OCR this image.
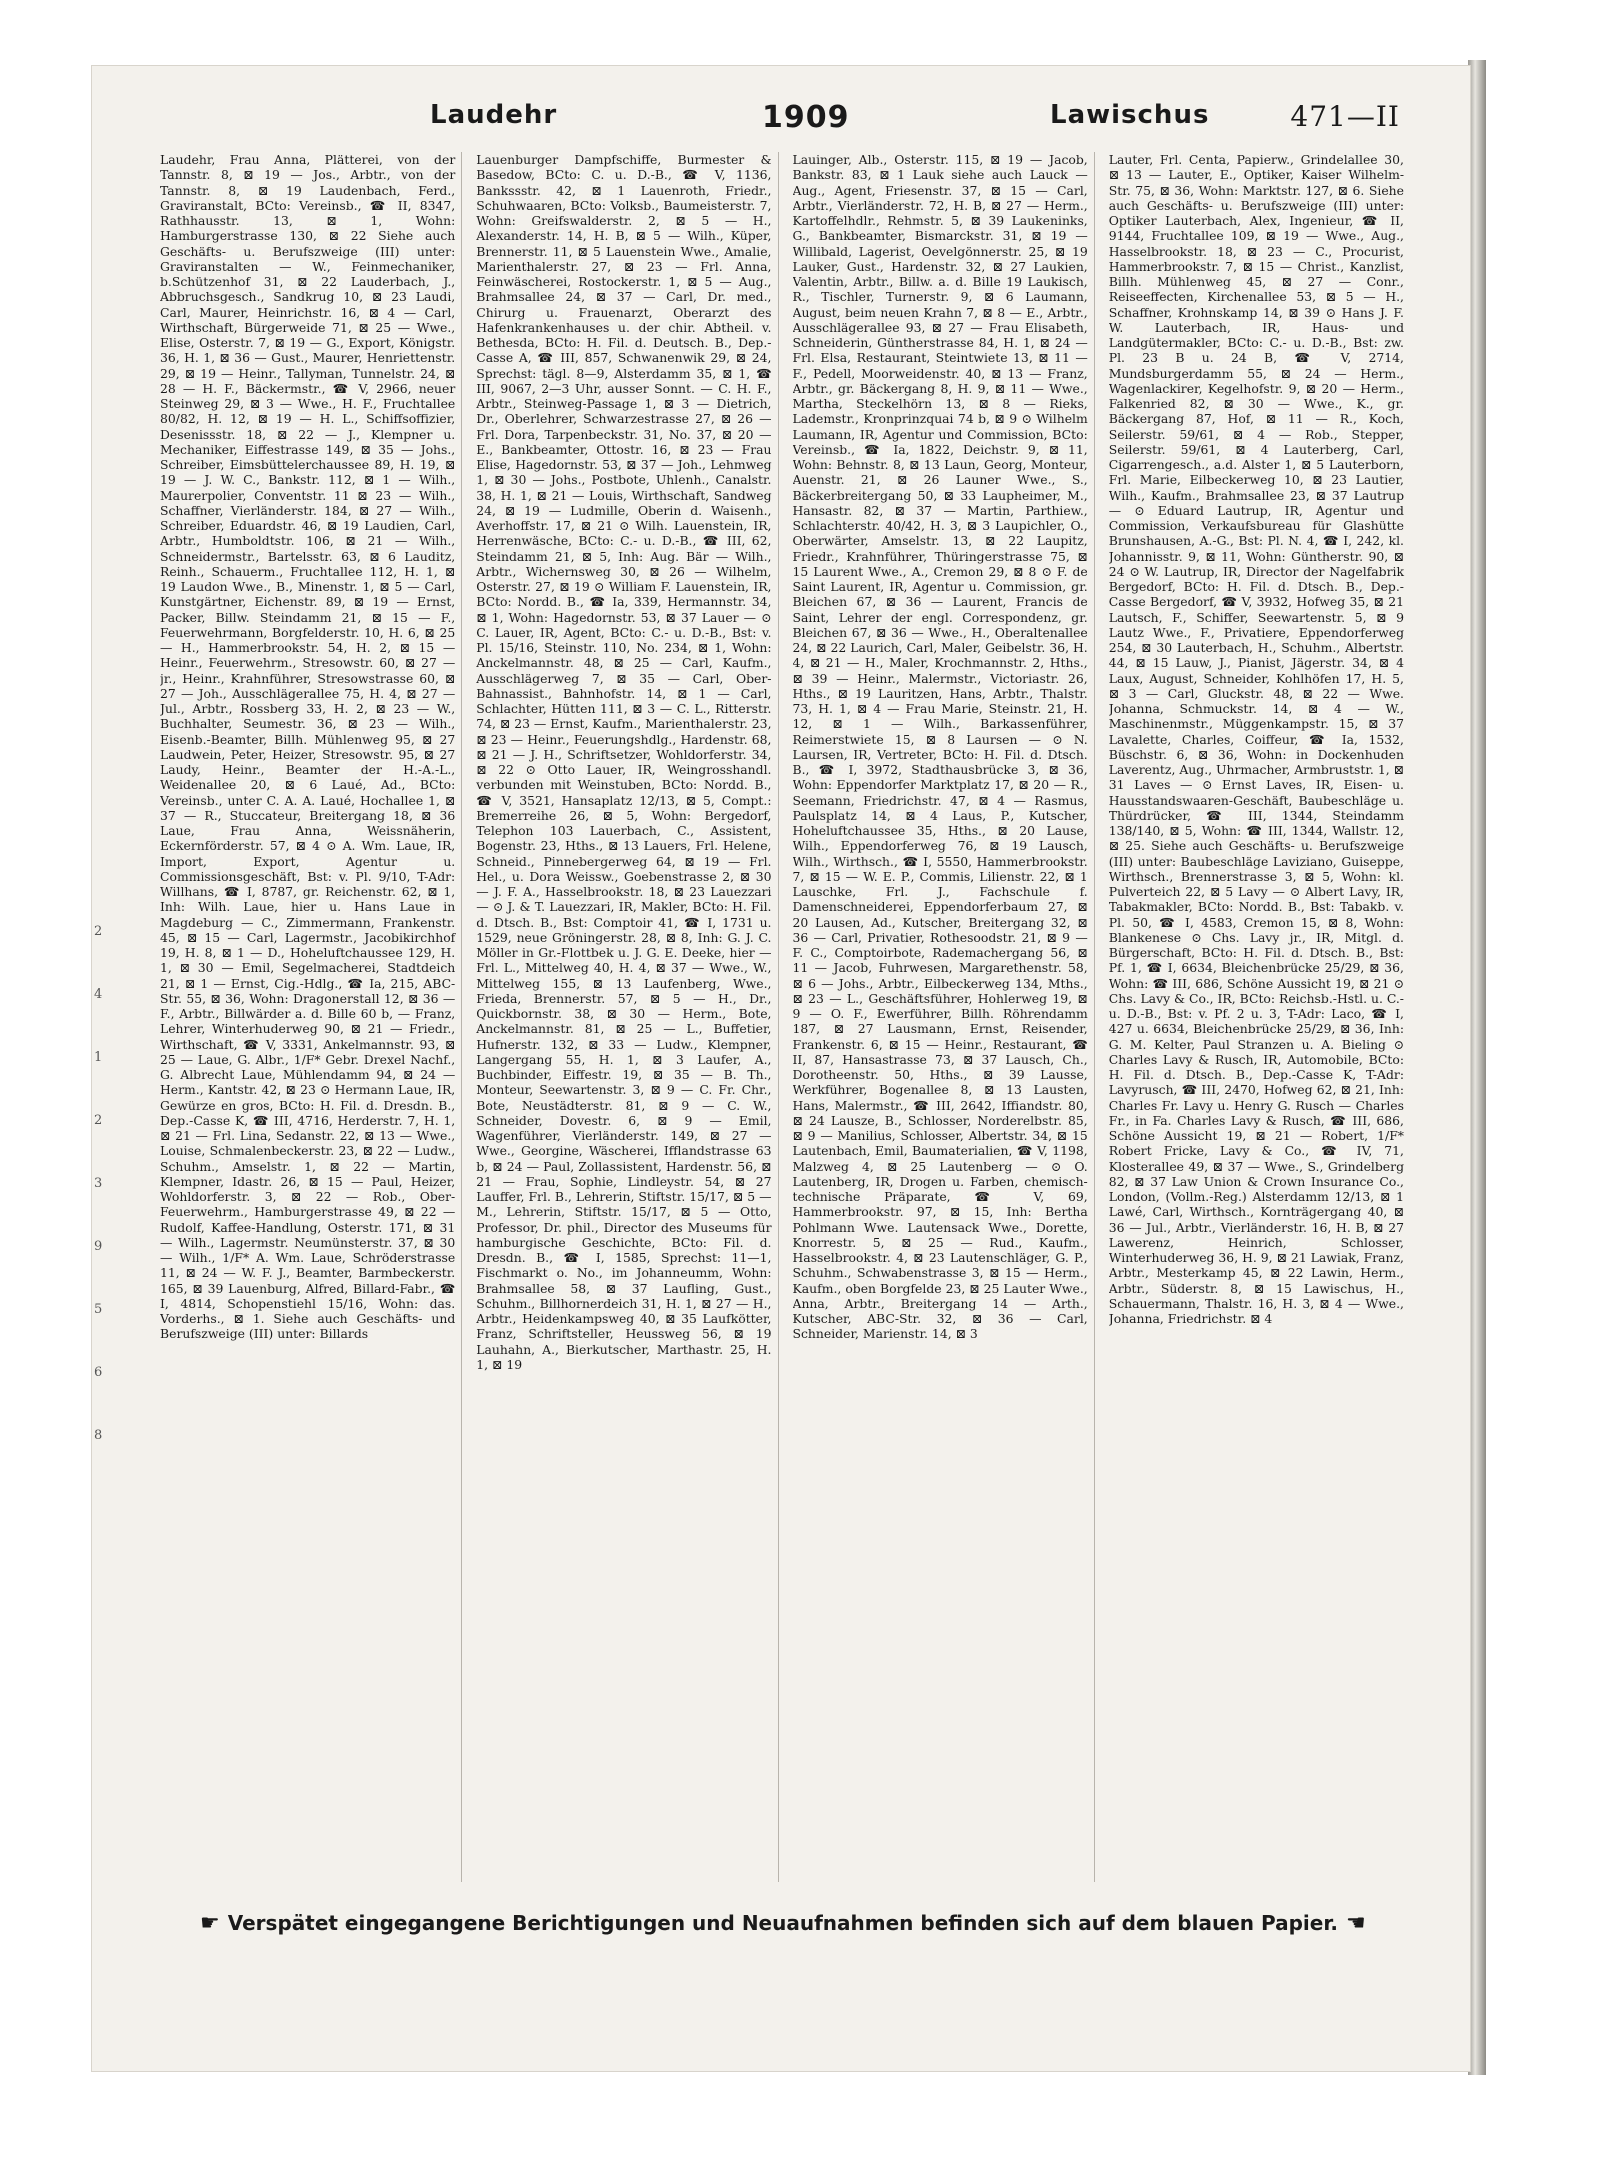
Laudehr	1909	Lawischus	471—II

Laudehr, Frau Anna, Plätterei, von der Tannstr. 8, ⊠ 19 — Jos., Arbtr., von der Tannstr. 8, ⊠ 19 Laudenbach, Ferd., Graviranstalt, BCto: Vereinsb., ☎ II, 8347, Rathhausstr. 13, ⊠ 1, Wohn: Hamburgerstrasse 130, ⊠ 22 Siehe auch Geschäfts- u. Berufszweige (III) unter: Graviranstalten — W., Feinmechaniker, b.Schützenhof 31, ⊠ 22 Lauderbach, J., Abbruchsgesch., Sandkrug 10, ⊠ 23 Laudi, Carl, Maurer, Heinrichstr. 16, ⊠ 4 — Carl, Wirthschaft, Bürgerweide 71, ⊠ 25 — Wwe., Elise, Osterstr. 7, ⊠ 19 — G., Export, Königstr. 36, H. 1, ⊠ 36 — Gust., Maurer, Henriettenstr. 29, ⊠ 19 — Heinr., Tallyman, Tunnelstr. 24, ⊠ 28 — H. F., Bäckermstr., ☎ V, 2966, neuer Steinweg 29, ⊠ 3 — Wwe., H. F., Fruchtallee 80/82, H. 12, ⊠ 19 — H. L., Schiffsoffizier, Desenissstr. 18, ⊠ 22 — J., Klempner u. Mechaniker, Eiffestrasse 149, ⊠ 35 — Johs., Schreiber, Eimsbüttelerchaussee 89, H. 19, ⊠ 19 — J. W. C., Bankstr. 112, ⊠ 1 — Wilh., Maurerpolier, Conventstr. 11 ⊠ 23 — Wilh., Schaffner, Vierländerstr. 184, ⊠ 27 — Wilh., Schreiber, Eduardstr. 46, ⊠ 19 Laudien, Carl, Arbtr., Humboldtstr. 106, ⊠ 21 — Wilh., Schneidermstr., Bartelsstr. 63, ⊠ 6 Lauditz, Reinh., Schauerm., Fruchtallee 112, H. 1, ⊠ 19 Laudon Wwe., B., Minenstr. 1, ⊠ 5 — Carl, Kunstgärtner, Eichenstr. 89, ⊠ 19 — Ernst, Packer, Billw. Steindamm 21, ⊠ 15 — F., Feuerwehrmann, Borgfelderstr. 10, H. 6, ⊠ 25 — H., Hammerbrookstr. 54, H. 2, ⊠ 15 — Heinr., Feuerwehrm., Stresowstr. 60, ⊠ 27 — jr., Heinr., Krahnführer, Stresowstrasse 60, ⊠ 27 — Joh., Ausschlägerallee 75, H. 4, ⊠ 27 — Jul., Arbtr., Rossberg 33, H. 2, ⊠ 23 — W., Buchhalter, Seumestr. 36, ⊠ 23 — Wilh., Eisenb.-Beamter, Billh. Mühlenweg 95, ⊠ 27 Laudwein, Peter, Heizer, Stresowstr. 95, ⊠ 27 Laudy, Heinr., Beamter der H.-A.-L., Weidenallee 20, ⊠ 6 Laué, Ad., BCto: Vereinsb., unter C. A. A. Laué, Hochallee 1, ⊠ 37 — R., Stuccateur, Breitergang 18, ⊠ 36 Laue, Frau Anna, Weissnäherin, Eckernförderstr. 57, ⊠ 4 ⊙ A. Wm. Laue, IR, Import, Export, Agentur u. Commissionsgeschäft, Bst: v. Pl. 9/10, T-Adr: Willhans, ☎ I, 8787, gr. Reichenstr. 62, ⊠ 1, Inh: Wilh. Laue, hier u. Hans Laue in Magdeburg — C., Zimmermann, Frankenstr. 45, ⊠ 15 — Carl, Lagermstr., Jacobikirchhof 19, H. 8, ⊠ 1 — D., Hoheluftchaussee 129, H. 1, ⊠ 30 — Emil, Segelmacherei, Stadtdeich 21, ⊠ 1 — Ernst, Cig.-Hdlg., ☎ Ia, 215, ABC-Str. 55, ⊠ 36, Wohn: Dragonerstall 12, ⊠ 36 — F., Arbtr., Billwärder a. d. Bille 60 b, — Franz, Lehrer, Winterhuderweg 90, ⊠ 21 — Friedr., Wirthschaft, ☎ V, 3331, Ankelmannstr. 93, ⊠ 25 — Laue, G. Albr., 1/F* Gebr. Drexel Nachf., G. Albrecht Laue, Mühlendamm 94, ⊠ 24 — Herm., Kantstr. 42, ⊠ 23 ⊙ Hermann Laue, IR, Gewürze en gros, BCto: H. Fil. d. Dresdn. B., Dep.-Casse K, ☎ III, 4716, Herderstr. 7, H. 1, ⊠ 21 — Frl. Lina, Sedanstr. 22, ⊠ 13 — Wwe., Louise, Schmalenbeckerstr. 23, ⊠ 22 — Ludw., Schuhm., Amselstr. 1, ⊠ 22 — Martin, Klempner, Idastr. 26, ⊠ 15 — Paul, Heizer, Wohldorferstr. 3, ⊠ 22 — Rob., Ober-Feuerwehrm., Hamburgerstrasse 49, ⊠ 22 — Rudolf, Kaffee-Handlung, Osterstr. 171, ⊠ 31 — Wilh., Lagermstr. Neumünsterstr. 37, ⊠ 30 — Wilh., 1/F* A. Wm. Laue, Schröderstrasse 11, ⊠ 24 — W. F. J., Beamter, Barmbeckerstr. 165, ⊠ 39 Lauenburg, Alfred, Billard-Fabr., ☎ I, 4814, Schopenstiehl 15/16, Wohn: das. Vorderhs., ⊠ 1. Siehe auch Geschäfts- und Berufszweige (III) unter: Billards

Lauenburger Dampfschiffe, Burmester & Basedow, BCto: C. u. D.-B., ☎ V, 1136, Bankssstr. 42, ⊠ 1 Lauenroth, Friedr., Schuhwaaren, BCto: Volksb., Baumeisterstr. 7, Wohn: Greifswalderstr. 2, ⊠ 5 — H., Alexanderstr. 14, H. B, ⊠ 5 — Wilh., Küper, Brennerstr. 11, ⊠ 5 Lauenstein Wwe., Amalie, Marienthalerstr. 27, ⊠ 23 — Frl. Anna, Feinwäscherei, Rostockerstr. 1, ⊠ 5 — Aug., Brahmsallee 24, ⊠ 37 — Carl, Dr. med., Chirurg u. Frauenarzt, Oberarzt des Hafenkrankenhauses u. der chir. Abtheil. v. Bethesda, BCto: H. Fil. d. Deutsch. B., Dep.-Casse A, ☎ III, 857, Schwanenwik 29, ⊠ 24, Sprechst: tägl. 8—9, Alsterdamm 35, ⊠ 1, ☎ III, 9067, 2—3 Uhr, ausser Sonnt. — C. H. F., Arbtr., Steinweg-Passage 1, ⊠ 3 — Dietrich, Dr., Oberlehrer, Schwarzestrasse 27, ⊠ 26 — Frl. Dora, Tarpenbeckstr. 31, No. 37, ⊠ 20 — E., Bankbeamter, Ottostr. 16, ⊠ 23 — Frau Elise, Hagedornstr. 53, ⊠ 37 — Joh., Lehmweg 1, ⊠ 30 — Johs., Postbote, Uhlenh., Canalstr. 38, H. 1, ⊠ 21 — Louis, Wirthschaft, Sandweg 24, ⊠ 19 — Ludmille, Oberin d. Waisenh., Averhoffstr. 17, ⊠ 21 ⊙ Wilh. Lauenstein, IR, Herrenwäsche, BCto: C.- u. D.-B., ☎ III, 62, Steindamm 21, ⊠ 5, Inh: Aug. Bär — Wilh., Arbtr., Wichernsweg 30, ⊠ 26 — Wilhelm, Osterstr. 27, ⊠ 19 ⊙ William F. Lauenstein, IR, BCto: Nordd. B., ☎ Ia, 339, Hermannstr. 34, ⊠ 1, Wohn: Hagedornstr. 53, ⊠ 37 Lauer — ⊙ C. Lauer, IR, Agent, BCto: C.- u. D.-B., Bst: v. Pl. 15/16, Steinstr. 110, No. 234, ⊠ 1, Wohn: Anckelmannstr. 48, ⊠ 25 — Carl, Kaufm., Ausschlägerweg 7, ⊠ 35 — Carl, Ober-Bahnassist., Bahnhofstr. 14, ⊠ 1 — Carl, Schlachter, Hütten 111, ⊠ 3 — C. L., Ritterstr. 74, ⊠ 23 — Ernst, Kaufm., Marienthalerstr. 23, ⊠ 23 — Heinr., Feuerungshdlg., Hardenstr. 68, ⊠ 21 — J. H., Schriftsetzer, Wohldorferstr. 34, ⊠ 22 ⊙ Otto Lauer, IR, Weingrosshandl. verbunden mit Weinstuben, BCto: Nordd. B., ☎ V, 3521, Hansaplatz 12/13, ⊠ 5, Compt.: Bremerreihe 26, ⊠ 5, Wohn: Bergedorf, Telephon 103 Lauerbach, C., Assistent, Bogenstr. 23, Hths., ⊠ 13 Lauers, Frl. Helene, Schneid., Pinnebergerweg 64, ⊠ 19 — Frl. Hel., u. Dora Weissw., Goebenstrasse 2, ⊠ 30 — J. F. A., Hasselbrookstr. 18, ⊠ 23 Lauezzari — ⊙ J. & T. Lauezzari, IR, Makler, BCto: H. Fil. d. Dtsch. B., Bst: Comptoir 41, ☎ I, 1731 u. 1529, neue Gröningerstr. 28, ⊠ 8, Inh: G. J. C. Möller in Gr.-Flottbek u. J. G. E. Deeke, hier — Frl. L., Mittelweg 40, H. 4, ⊠ 37 — Wwe., W., Mittelweg 155, ⊠ 13 Laufenberg, Wwe., Frieda, Brennerstr. 57, ⊠ 5 — H., Dr., Quickbornstr. 38, ⊠ 30 — Herm., Bote, Anckelmannstr. 81, ⊠ 25 — L., Buffetier, Hufnerstr. 132, ⊠ 33 — Ludw., Klempner, Langergang 55, H. 1, ⊠ 3 Laufer, A., Buchbinder, Eiffestr. 19, ⊠ 35 — B. Th., Monteur, Seewartenstr. 3, ⊠ 9 — C. Fr. Chr., Bote, Neustädterstr. 81, ⊠ 9 — C. W., Schneider, Dovestr. 6, ⊠ 9 — Emil, Wagenführer, Vierländerstr. 149, ⊠ 27 — Wwe., Georgine, Wäscherei, Ifflandstrasse 63 b, ⊠ 24 — Paul, Zollassistent, Hardenstr. 56, ⊠ 21 — Frau, Sophie, Lindleystr. 54, ⊠ 27 Lauffer, Frl. B., Lehrerin, Stiftstr. 15/17, ⊠ 5 — M., Lehrerin, Stiftstr. 15/17, ⊠ 5 — Otto, Professor, Dr. phil., Director des Museums für hamburgische Geschichte, BCto: Fil. d. Dresdn. B., ☎ I, 1585, Sprechst: 11—1, Fischmarkt o. No., im Johanneumm, Wohn: Brahmsallee 58, ⊠ 37 Laufling, Gust., Schuhm., Billhornerdeich 31, H. 1, ⊠ 27 — H., Arbtr., Heidenkampsweg 40, ⊠ 35 Laufkötter, Franz, Schriftsteller, Heussweg 56, ⊠ 19 Lauhahn, A., Bierkutscher, Marthastr. 25, H. 1, ⊠ 19

Lauinger, Alb., Osterstr. 115, ⊠ 19 — Jacob, Bankstr. 83, ⊠ 1 Lauk siehe auch Lauck — Aug., Agent, Friesenstr. 37, ⊠ 15 — Carl, Arbtr., Vierländerstr. 72, H. B, ⊠ 27 — Herm., Kartoffelhdlr., Rehmstr. 5, ⊠ 39 Laukeninks, G., Bankbeamter, Bismarckstr. 31, ⊠ 19 — Willibald, Lagerist, Oevelgönnerstr. 25, ⊠ 19 Lauker, Gust., Hardenstr. 32, ⊠ 27 Laukien, Valentin, Arbtr., Billw. a. d. Bille 19 Laukisch, R., Tischler, Turnerstr. 9, ⊠ 6 Laumann, August, beim neuen Krahn 7, ⊠ 8 — E., Arbtr., Ausschlägerallee 93, ⊠ 27 — Frau Elisabeth, Schneiderin, Güntherstrasse 84, H. 1, ⊠ 24 — Frl. Elsa, Restaurant, Steintwiete 13, ⊠ 11 — F., Pedell, Moorweidenstr. 40, ⊠ 13 — Franz, Arbtr., gr. Bäckergang 8, H. 9, ⊠ 11 — Wwe., Martha, Steckelhörn 13, ⊠ 8 — Rieks, Lademstr., Kronprinzquai 74 b, ⊠ 9 ⊙ Wilhelm Laumann, IR, Agentur und Commission, BCto: Vereinsb., ☎ Ia, 1822, Deichstr. 9, ⊠ 11, Wohn: Behnstr. 8, ⊠ 13 Laun, Georg, Monteur, Auenstr. 21, ⊠ 26 Launer Wwe., S., Bäckerbreitergang 50, ⊠ 33 Laupheimer, M., Hansastr. 82, ⊠ 37 — Martin, Parthiew., Schlachterstr. 40/42, H. 3, ⊠ 3 Laupichler, O., Oberwärter, Amselstr. 13, ⊠ 22 Laupitz, Friedr., Krahnführer, Thüringerstrasse 75, ⊠ 15 Laurent Wwe., A., Cremon 29, ⊠ 8 ⊙ F. de Saint Laurent, IR, Agentur u. Commission, gr. Bleichen 67, ⊠ 36 — Laurent, Francis de Saint, Lehrer der engl. Correspondenz, gr. Bleichen 67, ⊠ 36 — Wwe., H., Oberaltenallee 24, ⊠ 22 Laurich, Carl, Maler, Geibelstr. 36, H. 4, ⊠ 21 — H., Maler, Krochmannstr. 2, Hths., ⊠ 39 — Heinr., Malermstr., Victoriastr. 26, Hths., ⊠ 19 Lauritzen, Hans, Arbtr., Thalstr. 73, H. 1, ⊠ 4 — Frau Marie, Steinstr. 21, H. 12, ⊠ 1 — Wilh., Barkassenführer, Reimerstwiete 15, ⊠ 8 Laursen — ⊙ N. Laursen, IR, Vertreter, BCto: H. Fil. d. Dtsch. B., ☎ I, 3972, Stadthausbrücke 3, ⊠ 36, Wohn: Eppendorfer Marktplatz 17, ⊠ 20 — R., Seemann, Friedrichstr. 47, ⊠ 4 — Rasmus, Paulsplatz 14, ⊠ 4 Laus, P., Kutscher, Hoheluftchaussee 35, Hths., ⊠ 20 Lause, Wilh., Eppendorferweg 76, ⊠ 19 Lausch, Wilh., Wirthsch., ☎ I, 5550, Hammerbrookstr. 7, ⊠ 15 — W. E. P., Commis, Lilienstr. 22, ⊠ 1 Lauschke, Frl. J., Fachschule f. Damenschneiderei, Eppendorferbaum 27, ⊠ 20 Lausen, Ad., Kutscher, Breitergang 32, ⊠ 36 — Carl, Privatier, Rothesoodstr. 21, ⊠ 9 — F. C., Comptoirbote, Rademachergang 56, ⊠ 11 — Jacob, Fuhrwesen, Margarethenstr. 58, ⊠ 6 — Johs., Arbtr., Eilbeckerweg 134, Mths., ⊠ 23 — L., Geschäftsführer, Hohlerweg 19, ⊠ 9 — O. F., Ewerführer, Billh. Röhrendamm 187, ⊠ 27 Lausmann, Ernst, Reisender, Frankenstr. 6, ⊠ 15 — Heinr., Restaurant, ☎ II, 87, Hansastrasse 73, ⊠ 37 Lausch, Ch., Dorotheenstr. 50, Hths., ⊠ 39 Lausse, Werkführer, Bogenallee 8, ⊠ 13 Lausten, Hans, Malermstr., ☎ III, 2642, Iffiandstr. 80, ⊠ 24 Lausze, B., Schlosser, Norderelbstr. 85, ⊠ 9 — Manilius, Schlosser, Albertstr. 34, ⊠ 15 Lautenbach, Emil, Baumaterialien, ☎ V, 1198, Malzweg 4, ⊠ 25 Lautenberg — ⊙ O. Lautenberg, IR, Drogen u. Farben, chemisch-technische Präparate, ☎ V, 69, Hammerbrookstr. 97, ⊠ 15, Inh: Bertha Pohlmann Wwe. Lautensack Wwe., Dorette, Knorrestr. 5, ⊠ 25 — Rud., Kaufm., Hasselbrookstr. 4, ⊠ 23 Lautenschläger, G. P., Schuhm., Schwabenstrasse 3, ⊠ 15 — Herm., Kaufm., oben Borgfelde 23, ⊠ 25 Lauter Wwe., Anna, Arbtr., Breitergang 14 — Arth., Kutscher, ABC-Str. 32, ⊠ 36 — Carl, Schneider, Marienstr. 14, ⊠ 3

Lauter, Frl. Centa, Papierw., Grindelallee 30, ⊠ 13 — Lauter, E., Optiker, Kaiser Wilhelm-Str. 75, ⊠ 36, Wohn: Marktstr. 127, ⊠ 6. Siehe auch Geschäfts- u. Berufszweige (III) unter: Optiker Lauterbach, Alex, Ingenieur, ☎ II, 9144, Fruchtallee 109, ⊠ 19 — Wwe., Aug., Hasselbrookstr. 18, ⊠ 23 — C., Procurist, Hammerbrookstr. 7, ⊠ 15 — Christ., Kanzlist, Billh. Mühlenweg 45, ⊠ 27 — Conr., Reiseeffecten, Kirchenallee 53, ⊠ 5 — H., Schaffner, Krohnskamp 14, ⊠ 39 ⊙ Hans J. F. W. Lauterbach, IR, Haus- und Landgütermakler, BCto: C.- u. D.-B., Bst: zw. Pl. 23 B u. 24 B, ☎ V, 2714, Mundsburgerdamm 55, ⊠ 24 — Herm., Wagenlackirer, Kegelhofstr. 9, ⊠ 20 — Herm., Falkenried 82, ⊠ 30 — Wwe., K., gr. Bäckergang 87, Hof, ⊠ 11 — R., Koch, Seilerstr. 59/61, ⊠ 4 — Rob., Stepper, Seilerstr. 59/61, ⊠ 4 Lauterberg, Carl, Cigarrengesch., a.d. Alster 1, ⊠ 5 Lauterborn, Frl. Marie, Eilbeckerweg 10, ⊠ 23 Lautier, Wilh., Kaufm., Brahmsallee 23, ⊠ 37 Lautrup — ⊙ Eduard Lautrup, IR, Agentur und Commission, Verkaufsbureau für Glashütte Brunshausen, A.-G., Bst: Pl. N. 4, ☎ I, 242, kl. Johannisstr. 9, ⊠ 11, Wohn: Güntherstr. 90, ⊠ 24 ⊙ W. Lautrup, IR, Director der Nagelfabrik Bergedorf, BCto: H. Fil. d. Dtsch. B., Dep.-Casse Bergedorf, ☎ V, 3932, Hofweg 35, ⊠ 21 Lautsch, F., Schiffer, Seewartenstr. 5, ⊠ 9 Lautz Wwe., F., Privatiere, Eppendorferweg 254, ⊠ 30 Lauterbach, H., Schuhm., Albertstr. 44, ⊠ 15 Lauw, J., Pianist, Jägerstr. 34, ⊠ 4 Laux, August, Schneider, Kohlhöfen 17, H. 5, ⊠ 3 — Carl, Gluckstr. 48, ⊠ 22 — Wwe. Johanna, Schmuckstr. 14, ⊠ 4 — W., Maschinenmstr., Müggenkampstr. 15, ⊠ 37 Lavalette, Charles, Coiffeur, ☎ Ia, 1532, Büschstr. 6, ⊠ 36, Wohn: in Dockenhuden Laverentz, Aug., Uhrmacher, Armbruststr. 1, ⊠ 31 Laves — ⊙ Ernst Laves, IR, Eisen- u. Hausstandswaaren-Geschäft, Baubeschläge u. Thürdrücker, ☎ III, 1344, Steindamm 138/140, ⊠ 5, Wohn: ☎ III, 1344, Wallstr. 12, ⊠ 25. Siehe auch Geschäfts- u. Berufszweige (III) unter: Baubeschläge Laviziano, Guiseppe, Wirthsch., Brennerstrasse 3, ⊠ 5, Wohn: kl. Pulverteich 22, ⊠ 5 Lavy — ⊙ Albert Lavy, IR, Tabakmakler, BCto: Nordd. B., Bst: Tabakb. v. Pl. 50, ☎ I, 4583, Cremon 15, ⊠ 8, Wohn: Blankenese ⊙ Chs. Lavy jr., IR, Mitgl. d. Bürgerschaft, BCto: H. Fil. d. Dtsch. B., Bst: Pf. 1, ☎ I, 6634, Bleichenbrücke 25/29, ⊠ 36, Wohn: ☎ III, 686, Schöne Aussicht 19, ⊠ 21 ⊙ Chs. Lavy & Co., IR, BCto: Reichsb.-Hstl. u. C.- u. D.-B., Bst: v. Pf. 2 u. 3, T-Adr: Laco, ☎ I, 427 u. 6634, Bleichenbrücke 25/29, ⊠ 36, Inh: G. M. Kelter, Paul Stranzen u. A. Bieling ⊙ Charles Lavy & Rusch, IR, Automobile, BCto: H. Fil. d. Dtsch. B., Dep.-Casse K, T-Adr: Lavyrusch, ☎ III, 2470, Hofweg 62, ⊠ 21, Inh: Charles Fr. Lavy u. Henry G. Rusch — Charles Fr., in Fa. Charles Lavy & Rusch, ☎ III, 686, Schöne Aussicht 19, ⊠ 21 — Robert, 1/F* Robert Fricke, Lavy & Co., ☎ IV, 71, Klosterallee 49, ⊠ 37 — Wwe., S., Grindelberg 82, ⊠ 37 Law Union & Crown Insurance Co., London, (Vollm.-Reg.) Alsterdamm 12/13, ⊠ 1 Lawé, Carl, Wirthsch., Kornträgergang 40, ⊠ 36 — Jul., Arbtr., Vierländerstr. 16, H. B, ⊠ 27 Lawerenz, Heinrich, Schlosser, Winterhuderweg 36, H. 9, ⊠ 21 Lawiak, Franz, Arbtr., Mesterkamp 45, ⊠ 22 Lawin, Herm., Arbtr., Süderstr. 8, ⊠ 15 Lawischus, H., Schauermann, Thalstr. 16, H. 3, ⊠ 4 — Wwe., Johanna, Friedrichstr. ⊠ 4

☛ Verspätet eingegangene Berichtigungen und Neuaufnahmen befinden sich auf dem blauen Papier. ☚
2
4
1
2
3
9
5
6
8
